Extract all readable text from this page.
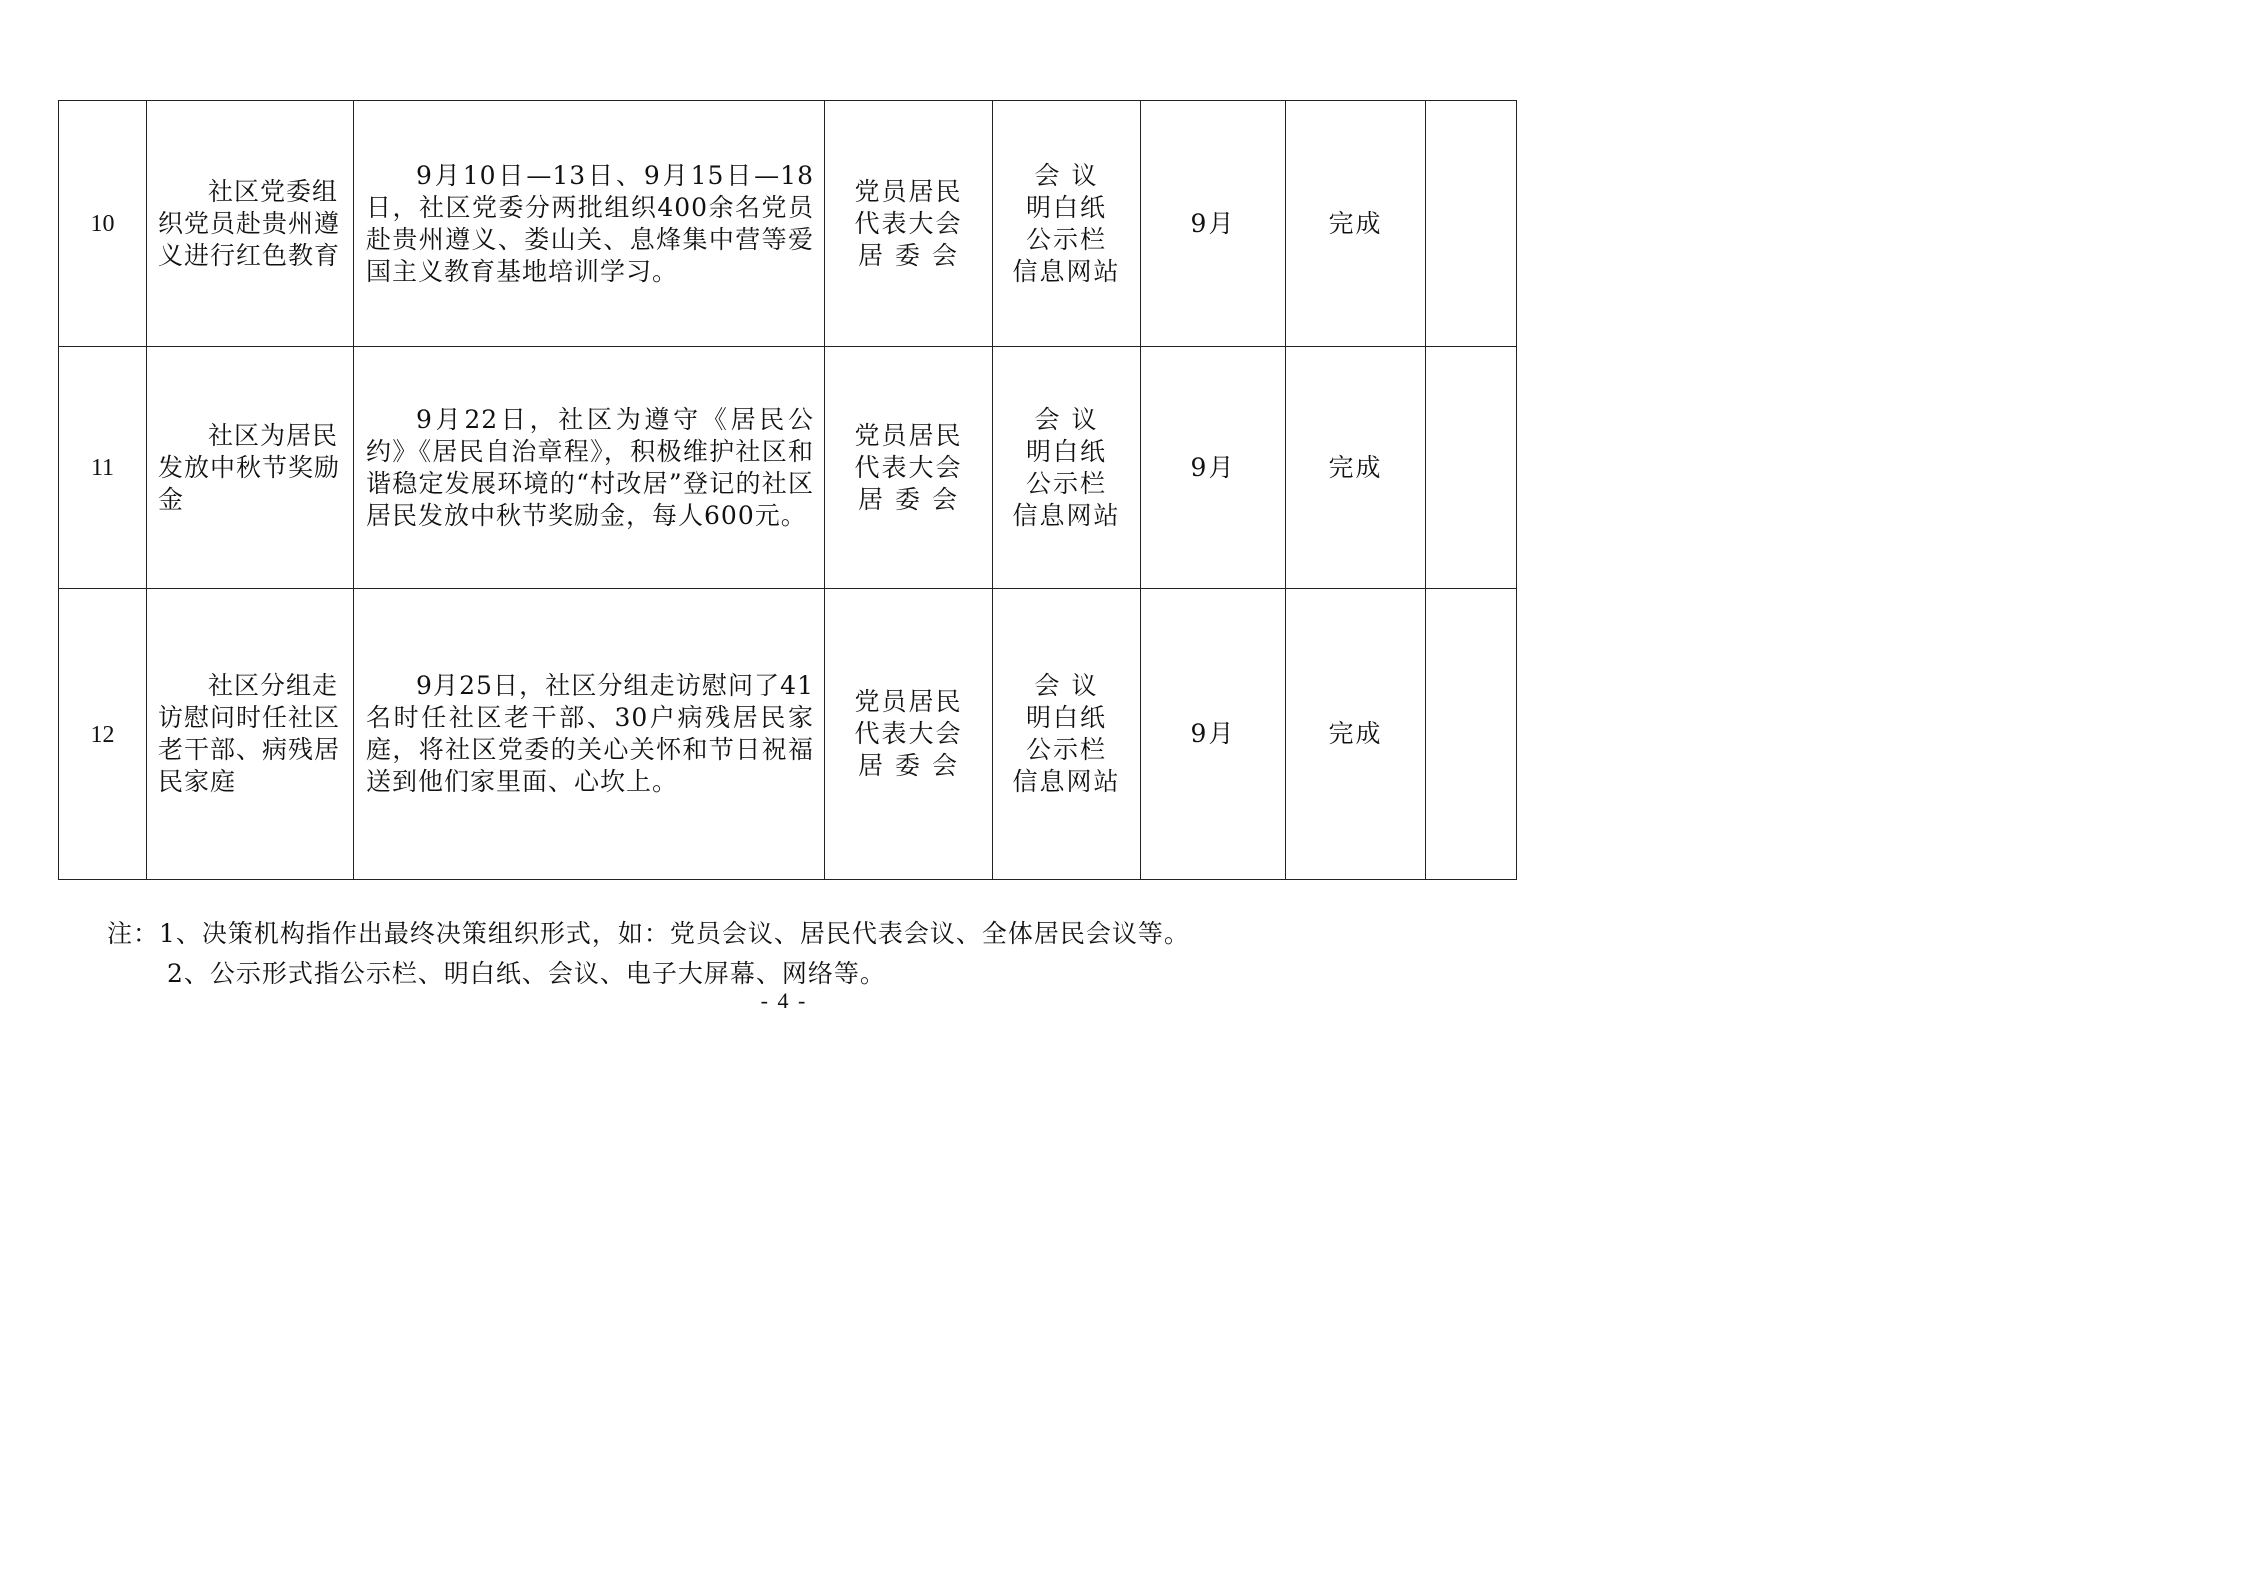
10	社区党委组织党员赴贵州遵义进行红色教育	9月10日—13日、9月15日—18日，社区党委分两批组织400余名党员赴贵州遵义、娄山关、息烽集中营等爱国主义教育基地培训学习。	党员居民
代表大会
居 委 会	会 议
明白纸
公示栏
信息网站	9月	完成	
11	社区为居民发放中秋节奖励金	9月22日，社区为遵守《居民公约》《居民自治章程》，积极维护社区和谐稳定发展环境的“村改居”登记的社区居民发放中秋节奖励金，每人600元。	党员居民
代表大会
居 委 会	会 议
明白纸
公示栏
信息网站	9月	完成	
12	社区分组走访慰问时任社区老干部、病残居民家庭	9月25日，社区分组走访慰问了41名时任社区老干部、30户病残居民家庭，将社区党委的关心关怀和节日祝福送到他们家里面、心坎上。	党员居民
代表大会
居 委 会	会 议
明白纸
公示栏
信息网站	9月	完成	
注：1、决策机构指作出最终决策组织形式，如：党员会议、居民代表会议、全体居民会议等。
2、公示形式指公示栏、明白纸、会议、电子大屏幕、网络等。
- 4 -
